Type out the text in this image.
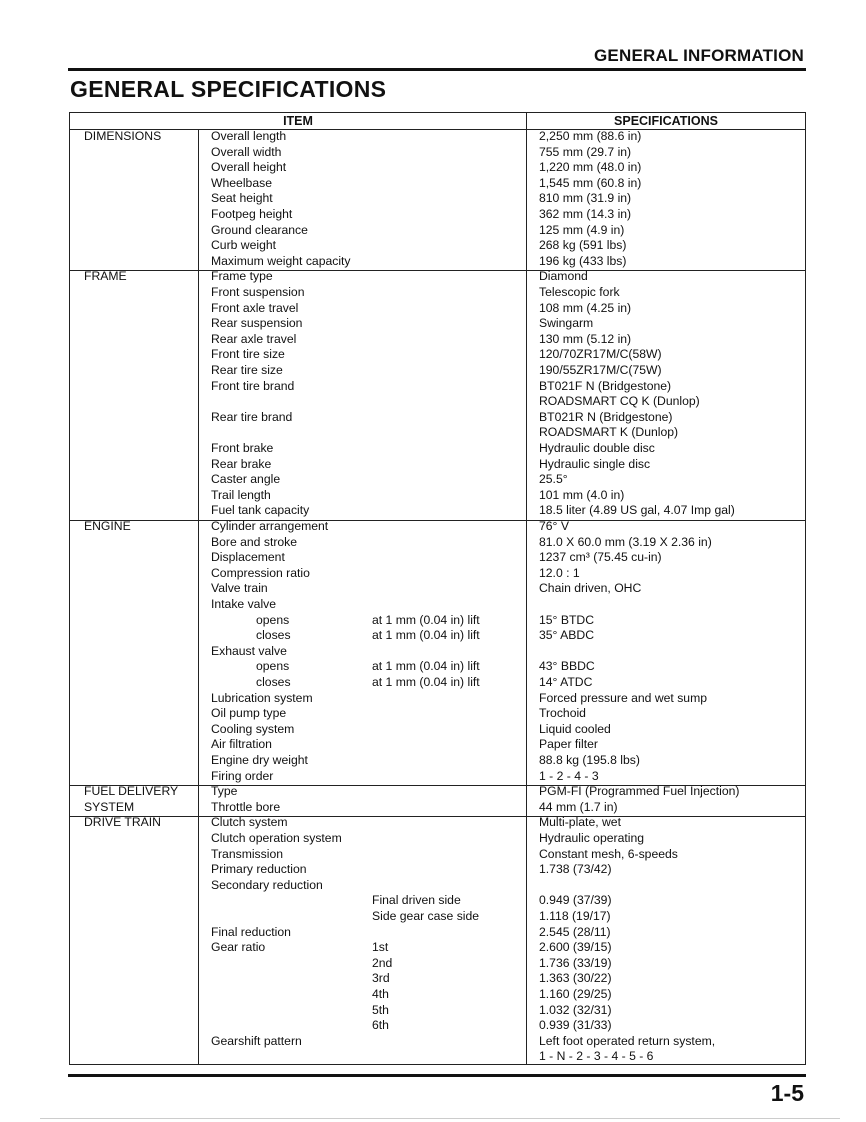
GENERAL INFORMATION
GENERAL SPECIFICATIONS
ITEM	SPECIFICATIONS
DIMENSIONS	Overall length	2,250 mm (88.6 in)
Overall width	755 mm (29.7 in)
Overall height	1,220 mm (48.0 in)
Wheelbase	1,545 mm (60.8 in)
Seat height	810 mm (31.9 in)
Footpeg height	362 mm (14.3 in)
Ground clearance	125 mm (4.9 in)
Curb weight	268 kg (591 lbs)
Maximum weight capacity	196 kg (433 lbs)
FRAME	Frame type	Diamond
Front suspension	Telescopic fork
Front axle travel	108 mm (4.25 in)
Rear suspension	Swingarm
Rear axle travel	130 mm (5.12 in)
Front tire size	120/70ZR17M/C(58W)
Rear tire size	190/55ZR17M/C(75W)
Front tire brand	BT021F N (Bridgestone)
ROADSMART CQ K (Dunlop)
Rear tire brand	BT021R N (Bridgestone)
ROADSMART K (Dunlop)
Front brake	Hydraulic double disc
Rear brake	Hydraulic single disc
Caster angle	25.5°
Trail length	101 mm (4.0 in)
Fuel tank capacity	18.5 liter (4.89 US gal, 4.07 Imp gal)
ENGINE	Cylinder arrangement	76° V
Bore and stroke	81.0 X 60.0 mm (3.19 X 2.36 in)
Displacement	1237 cm³ (75.45 cu-in)
Compression ratio	12.0 : 1
Valve train	Chain driven, OHC
Intake valve
opens	at 1 mm (0.04 in) lift	15° BTDC
closes	at 1 mm (0.04 in) lift	35° ABDC
Exhaust valve
opens	at 1 mm (0.04 in) lift	43° BBDC
closes	at 1 mm (0.04 in) lift	14° ATDC
Lubrication system	Forced pressure and wet sump
Oil pump type	Trochoid
Cooling system	Liquid cooled
Air filtration	Paper filter
Engine dry weight	88.8 kg (195.8 lbs)
Firing order	1 - 2 - 4 - 3
FUEL DELIVERY
SYSTEM
Type	PGM-FI (Programmed Fuel Injection)
Throttle bore	44 mm (1.7 in)
DRIVE TRAIN	Clutch system	Multi-plate, wet
Clutch operation system	Hydraulic operating
Transmission	Constant mesh, 6-speeds
Primary reduction	1.738 (73/42)
Secondary reduction
Final driven side	0.949 (37/39)
Side gear case side	1.118 (19/17)
Final reduction	2.545 (28/11)
Gear ratio	1st	2.600 (39/15)
2nd	1.736 (33/19)
3rd	1.363 (30/22)
4th	1.160 (29/25)
5th	1.032 (32/31)
6th	0.939 (31/33)
Gearshift pattern	Left foot operated return system,
1 - N - 2 - 3 - 4 - 5 - 6
1-5
